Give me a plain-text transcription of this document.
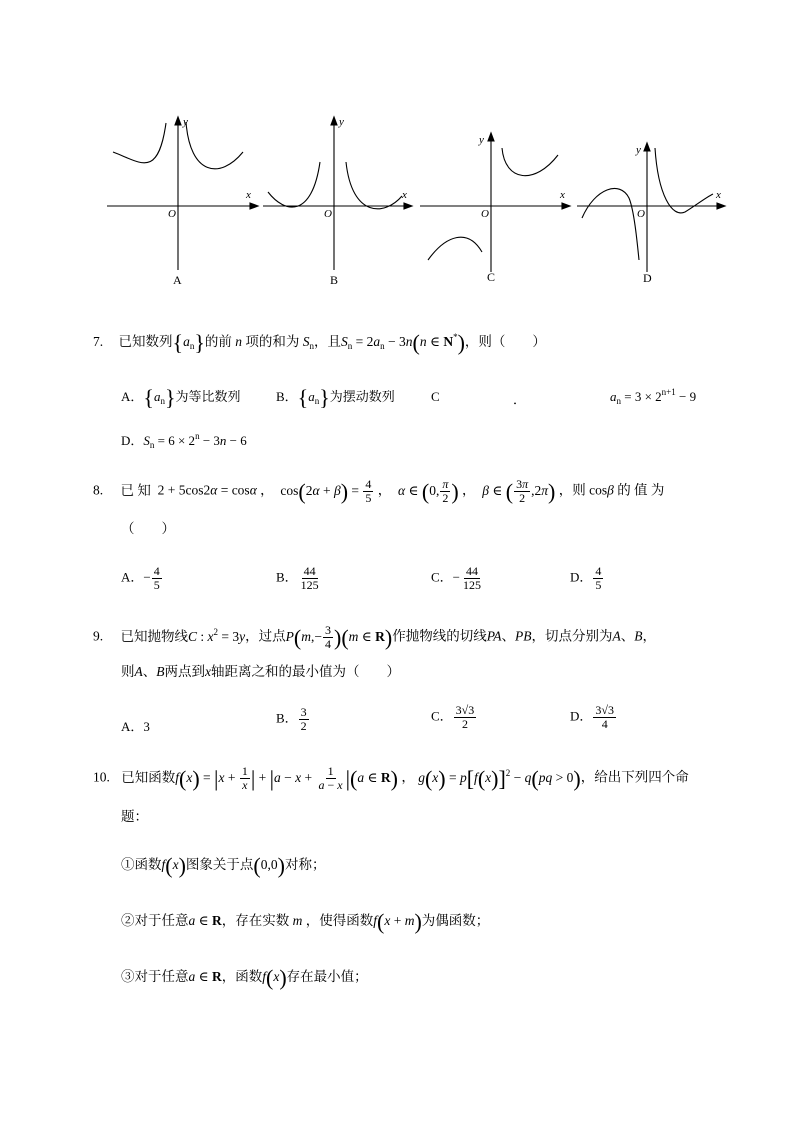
x
y
O
x
y
O
x
y
O
x
y
O
A	B	C	D
7. 已知数列$\{a_n\}$的前 n 项的和为 $S_n$，且$S_n = 2a_n - 3n(n$ ∈ N*)，则（　　）
A．$\{a_n\}$为等比数列	B．$\{a_n\}$为摆动数列	C	．	$a_n = 3 \times 2^{n+1} - 9$
D．$S_n = 6 \times 2^n - 3n - 6$
8. 已 知  2 + 5cos2α = cosα ，  $\cos(2\alpha + \beta) = \frac{4}{5}$ ，  α ∈ (0, $\frac{\pi}{2}$ ) ，  β ∈ ( $\frac{3\pi}{2} ,2\pi$) ，则 cosβ 的 值 为
（　　）
A．− $\frac{4}{5}$	B． $\frac{44}{125}$	C．− $\frac{44}{125}$	D． $\frac{4}{5}$
9. 已知抛物线C : $x^2 = 3y$，过点$P(m,- \frac{3}{4} )(m$ ∈ R)作抛物线的切线PA、PB，切点分别为A、B，
则A、B两点到x轴距离之和的最小值为（　　）
A．3
B． $\frac{3}{2}$	C． $\frac{3√3}{2}$	D． $\frac{3√3}{4}$
10. 已知函数$f(x) = |x + \frac{1}{x}$ | + $|a - x + \frac{1}{a - x} |(a$ ∈ R) ， $g(x) = p[f(x)]^2 - q(pq > 0)$，给出下列四个命
题：
①函数f(x)图象关于点(0,0)对称；
②对于任意a ∈ R，存在实数 m ，使得函数f(x + m)为偶函数；
③对于任意a ∈ R，函数f(x)存在最小值；
